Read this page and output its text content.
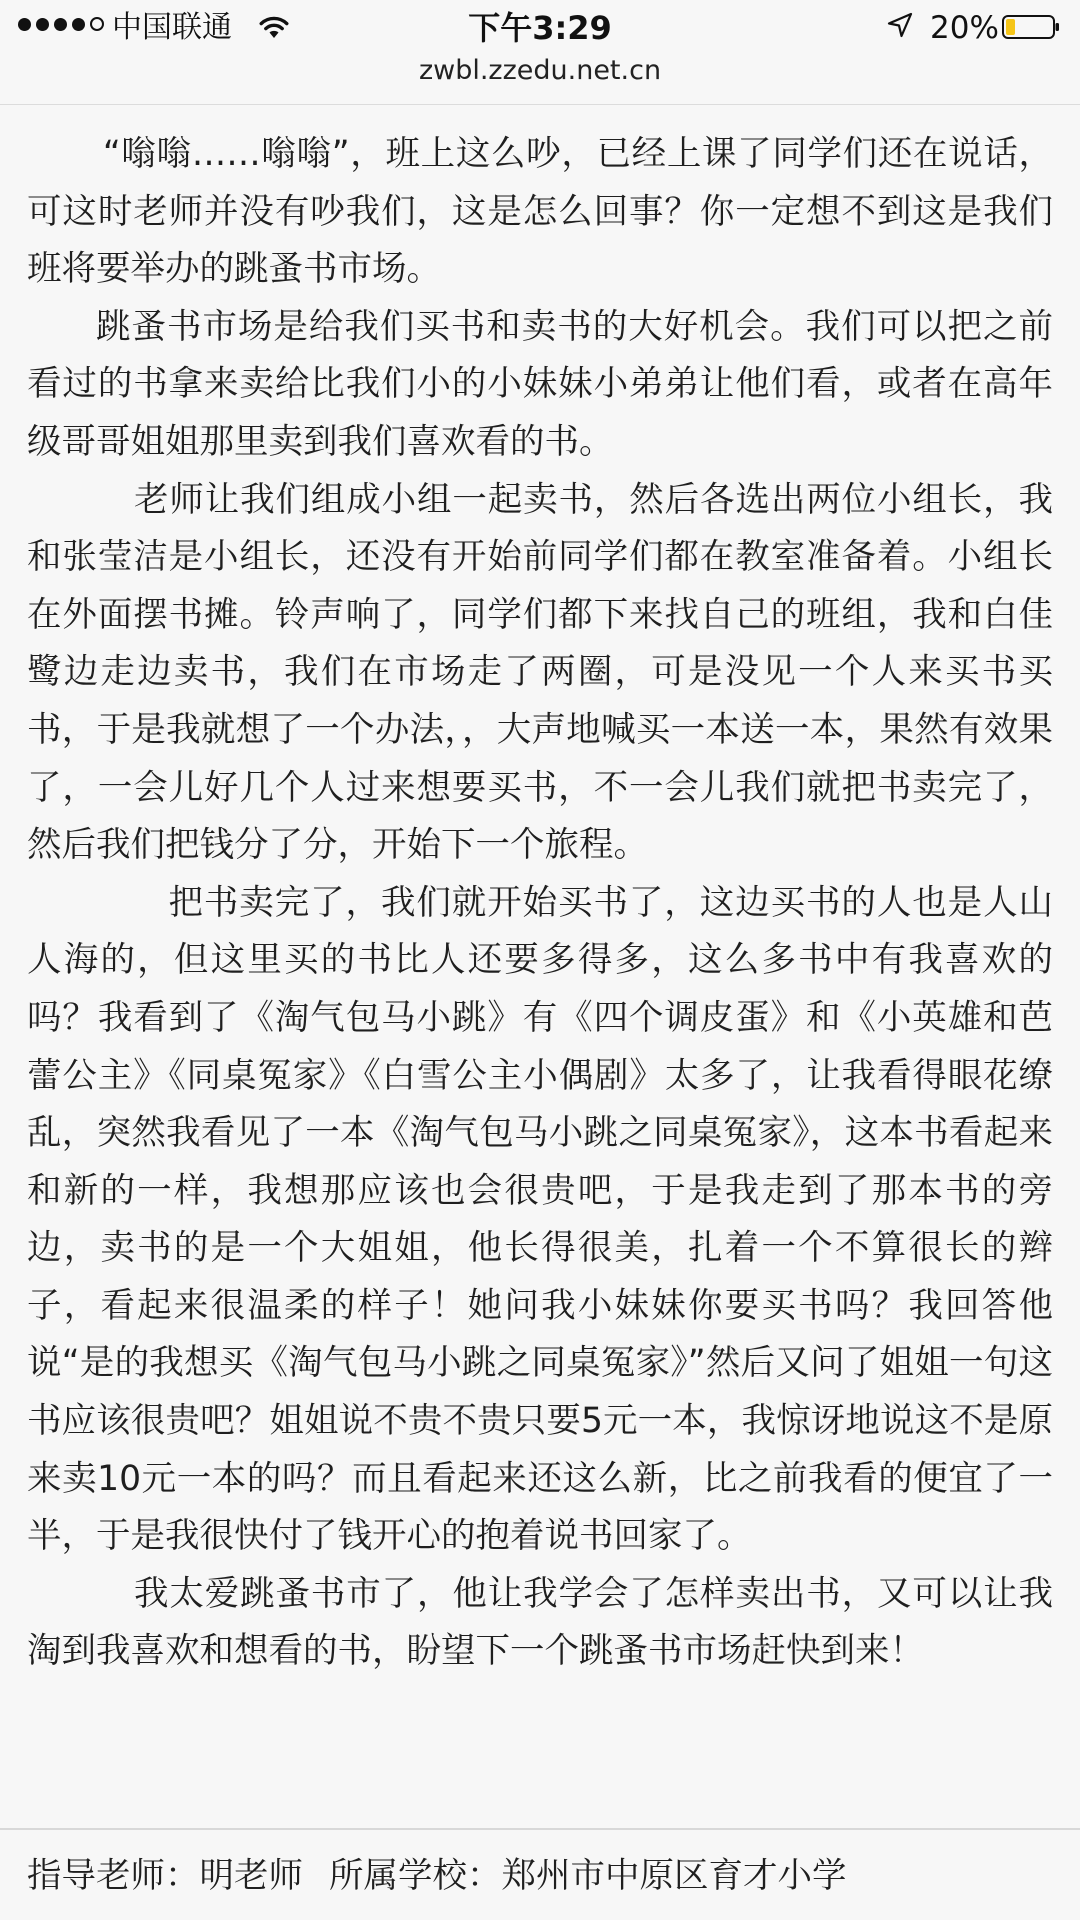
中国联通	下午3:29	20%
zwbl.zzedu.net.cn

“嗡嗡……嗡嗡”，班上这么吵，已经上课了同学们还在说话，可这时老师并没有吵我们，这是怎么回事？你一定想不到这是我们班将要举办的跳蚤书市场。

跳蚤书市场是给我们买书和卖书的大好机会。我们可以把之前看过的书拿来卖给比我们小的小妹妹小弟弟让他们看，或者在高年级哥哥姐姐那里卖到我们喜欢看的书。

老师让我们组成小组一起卖书，然后各选出两位小组长，我和张莹洁是小组长，还没有开始前同学们都在教室准备着。小组长在外面摆书摊。铃声响了，同学们都下来找自己的班组，我和白佳鹭边走边卖书，我们在市场走了两圈，可是没见一个人来买书买书，于是我就想了一个办法，，大声地喊买一本送一本，果然有效果了，一会儿好几个人过来想要买书，不一会儿我们就把书卖完了，然后我们把钱分了分，开始下一个旅程。

把书卖完了，我们就开始买书了，这边买书的人也是人山人海的，但这里买的书比人还要多得多，这么多书中有我喜欢的吗？我看到了《淘气包马小跳》有《四个调皮蛋》和《小英雄和芭蕾公主》《同桌冤家》《白雪公主小偶剧》太多了，让我看得眼花缭乱，突然我看见了一本《淘气包马小跳之同桌冤家》，这本书看起来和新的一样，我想那应该也会很贵吧，于是我走到了那本书的旁边，卖书的是一个大姐姐，他长得很美，扎着一个不算很长的辫子，看起来很温柔的样子！她问我小妹妹你要买书吗？我回答他说“是的我想买《淘气包马小跳之同桌冤家》”然后又问了姐姐一句这书应该很贵吧？姐姐说不贵不贵只要5元一本，我惊讶地说这不是原来卖10元一本的吗？而且看起来还这么新，比之前我看的便宜了一半，于是我很快付了钱开心的抱着说书回家了。

我太爱跳蚤书市了，他让我学会了怎样卖出书，又可以让我淘到我喜欢和想看的书，盼望下一个跳蚤书市场赶快到来！

指导老师：明老师 所属学校：郑州市中原区育才小学
